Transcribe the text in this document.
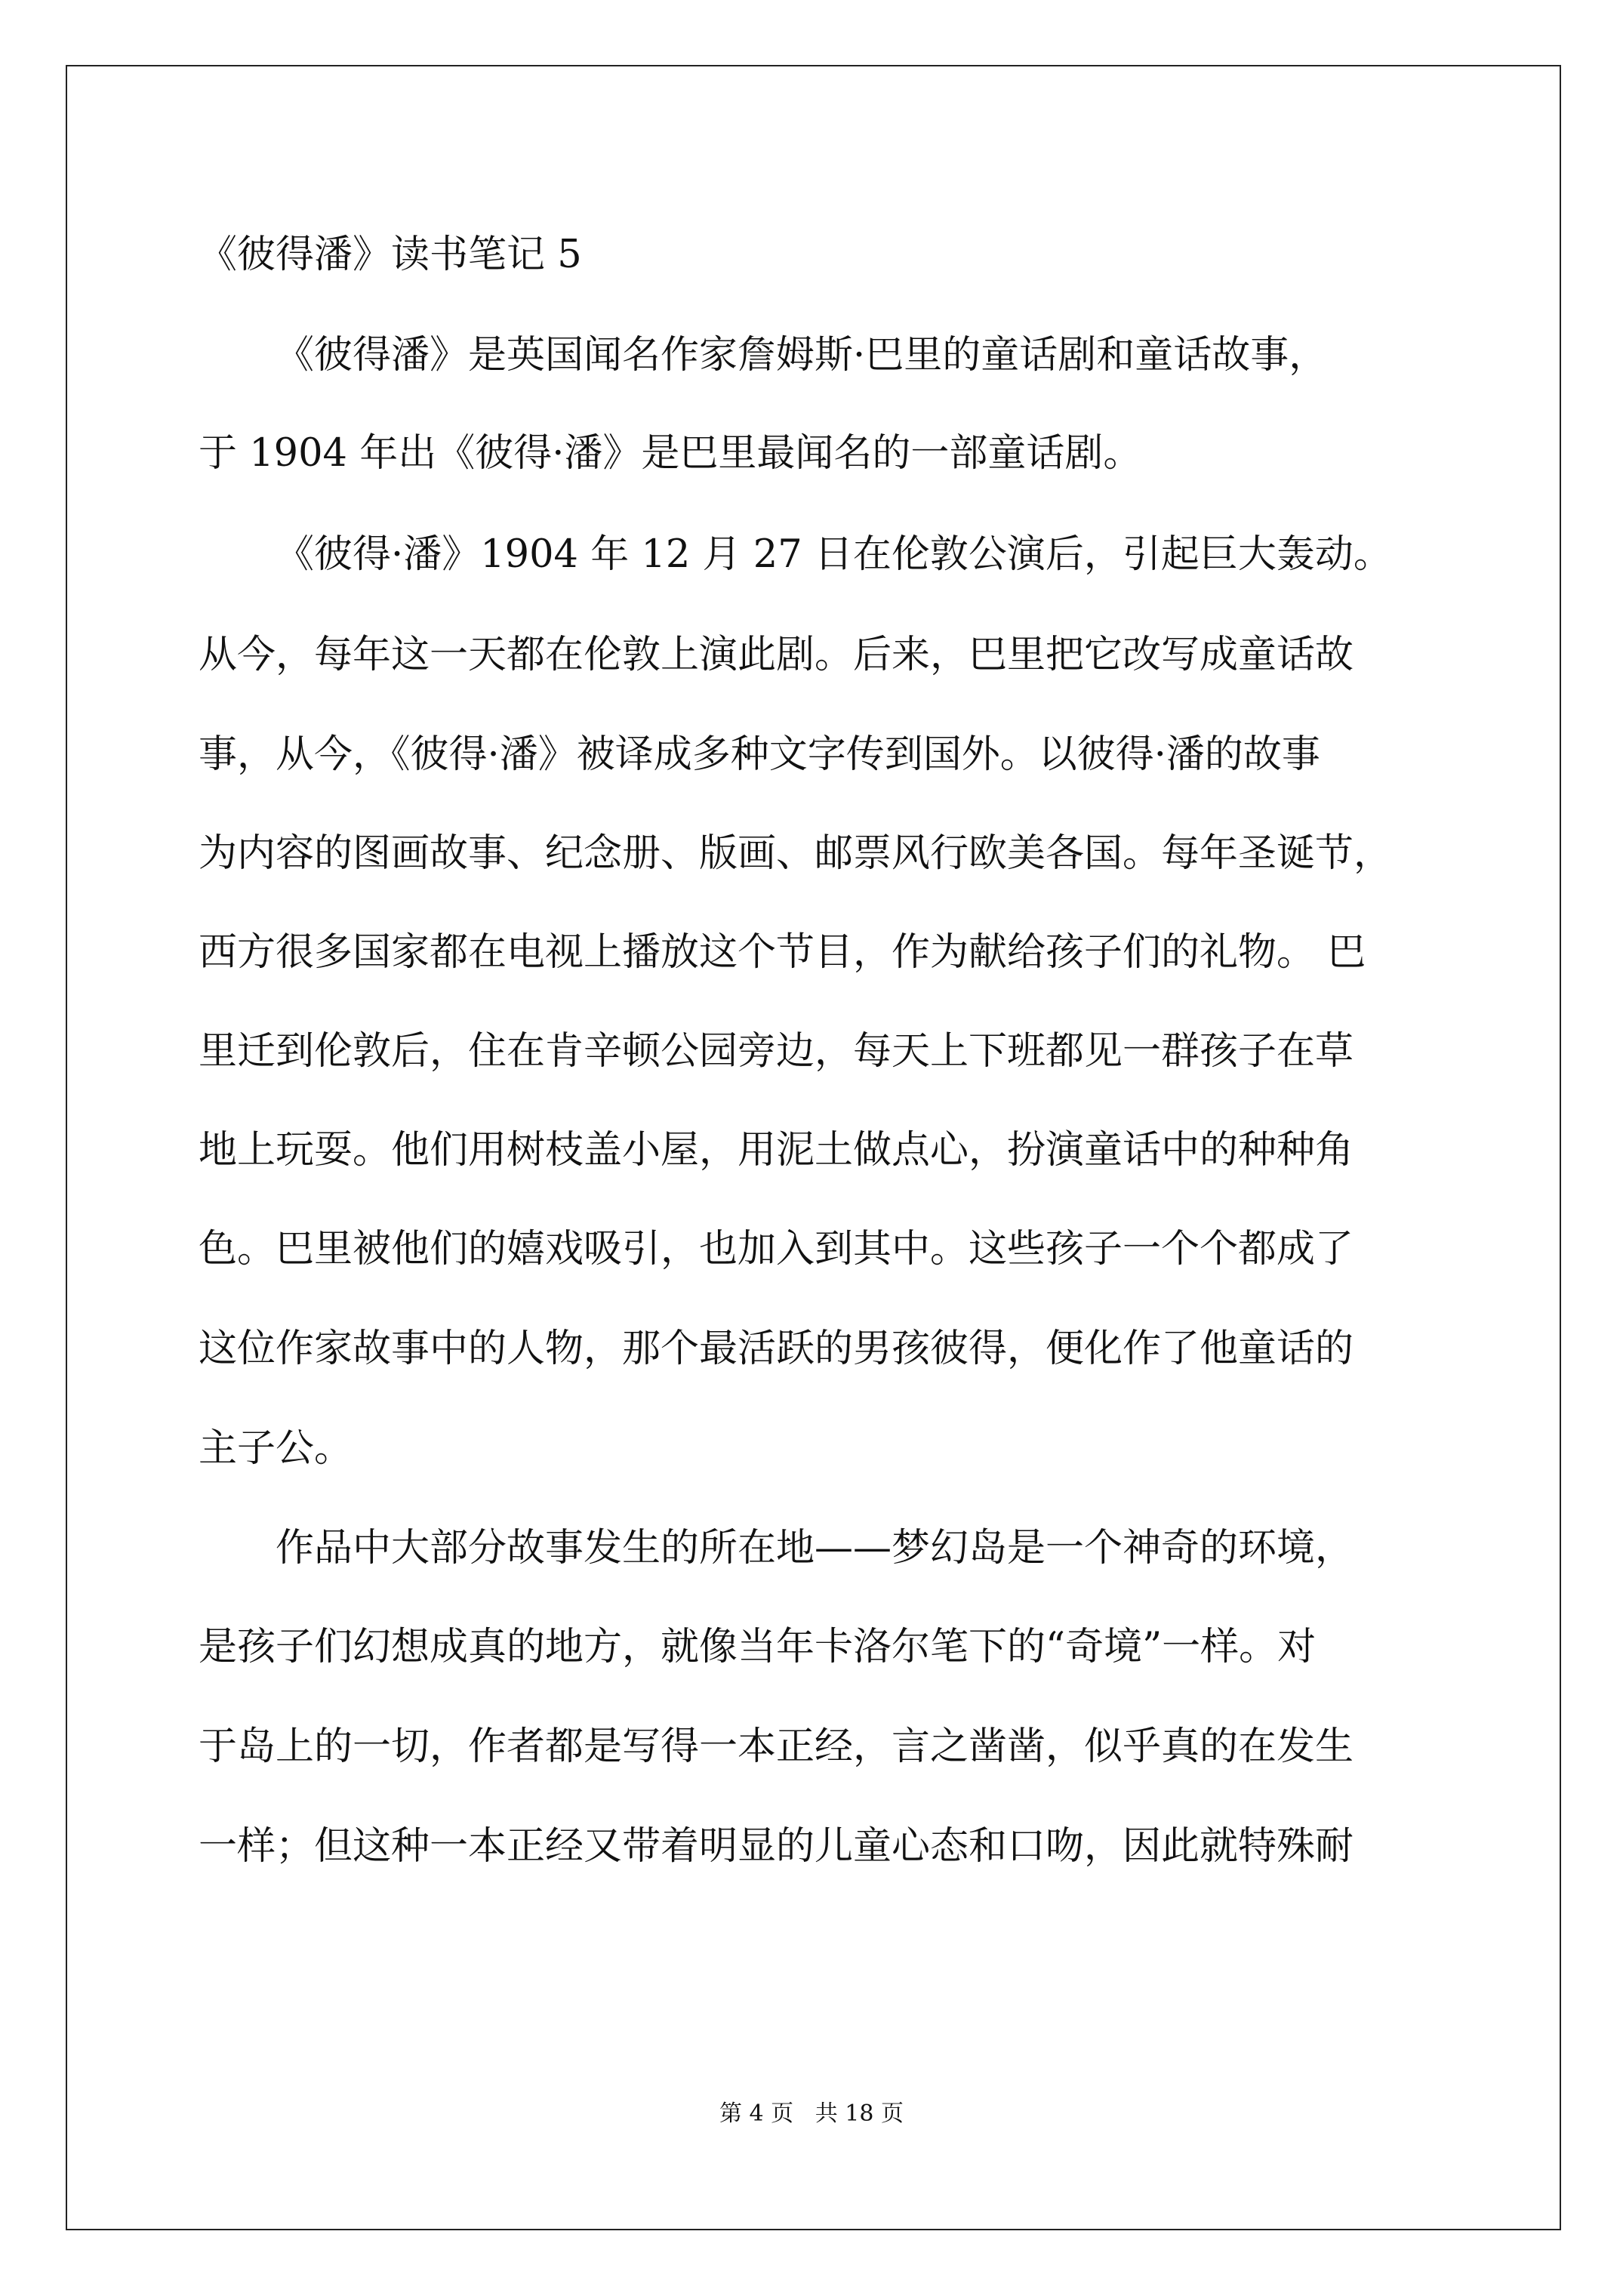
《彼得潘》读书笔记 5
《彼得潘》是英国闻名作家詹姆斯·巴里的童话剧和童话故事，
于 1904 年出《彼得·潘》是巴里最闻名的一部童话剧。
《彼得·潘》1904 年 12 月 27 日在伦敦公演后，引起巨大轰动。
从今，每年这一天都在伦敦上演此剧。后来，巴里把它改写成童话故
事，从今，《彼得·潘》被译成多种文字传到国外。以彼得·潘的故事
为内容的图画故事、纪念册、版画、邮票风行欧美各国。每年圣诞节，
西方很多国家都在电视上播放这个节目，作为献给孩子们的礼物。 巴
里迁到伦敦后，住在肯辛顿公园旁边，每天上下班都见一群孩子在草
地上玩耍。他们用树枝盖小屋，用泥土做点心，扮演童话中的种种角
色。巴里被他们的嬉戏吸引，也加入到其中。这些孩子一个个都成了
这位作家故事中的人物，那个最活跃的男孩彼得，便化作了他童话的
主子公。
作品中大部分故事发生的所在地——梦幻岛是一个神奇的环境，
是孩子们幻想成真的地方，就像当年卡洛尔笔下的“奇境”一样。对
于岛上的一切，作者都是写得一本正经，言之凿凿，似乎真的在发生
一样；但这种一本正经又带着明显的儿童心态和口吻，因此就特殊耐
第 4 页   共 18 页
